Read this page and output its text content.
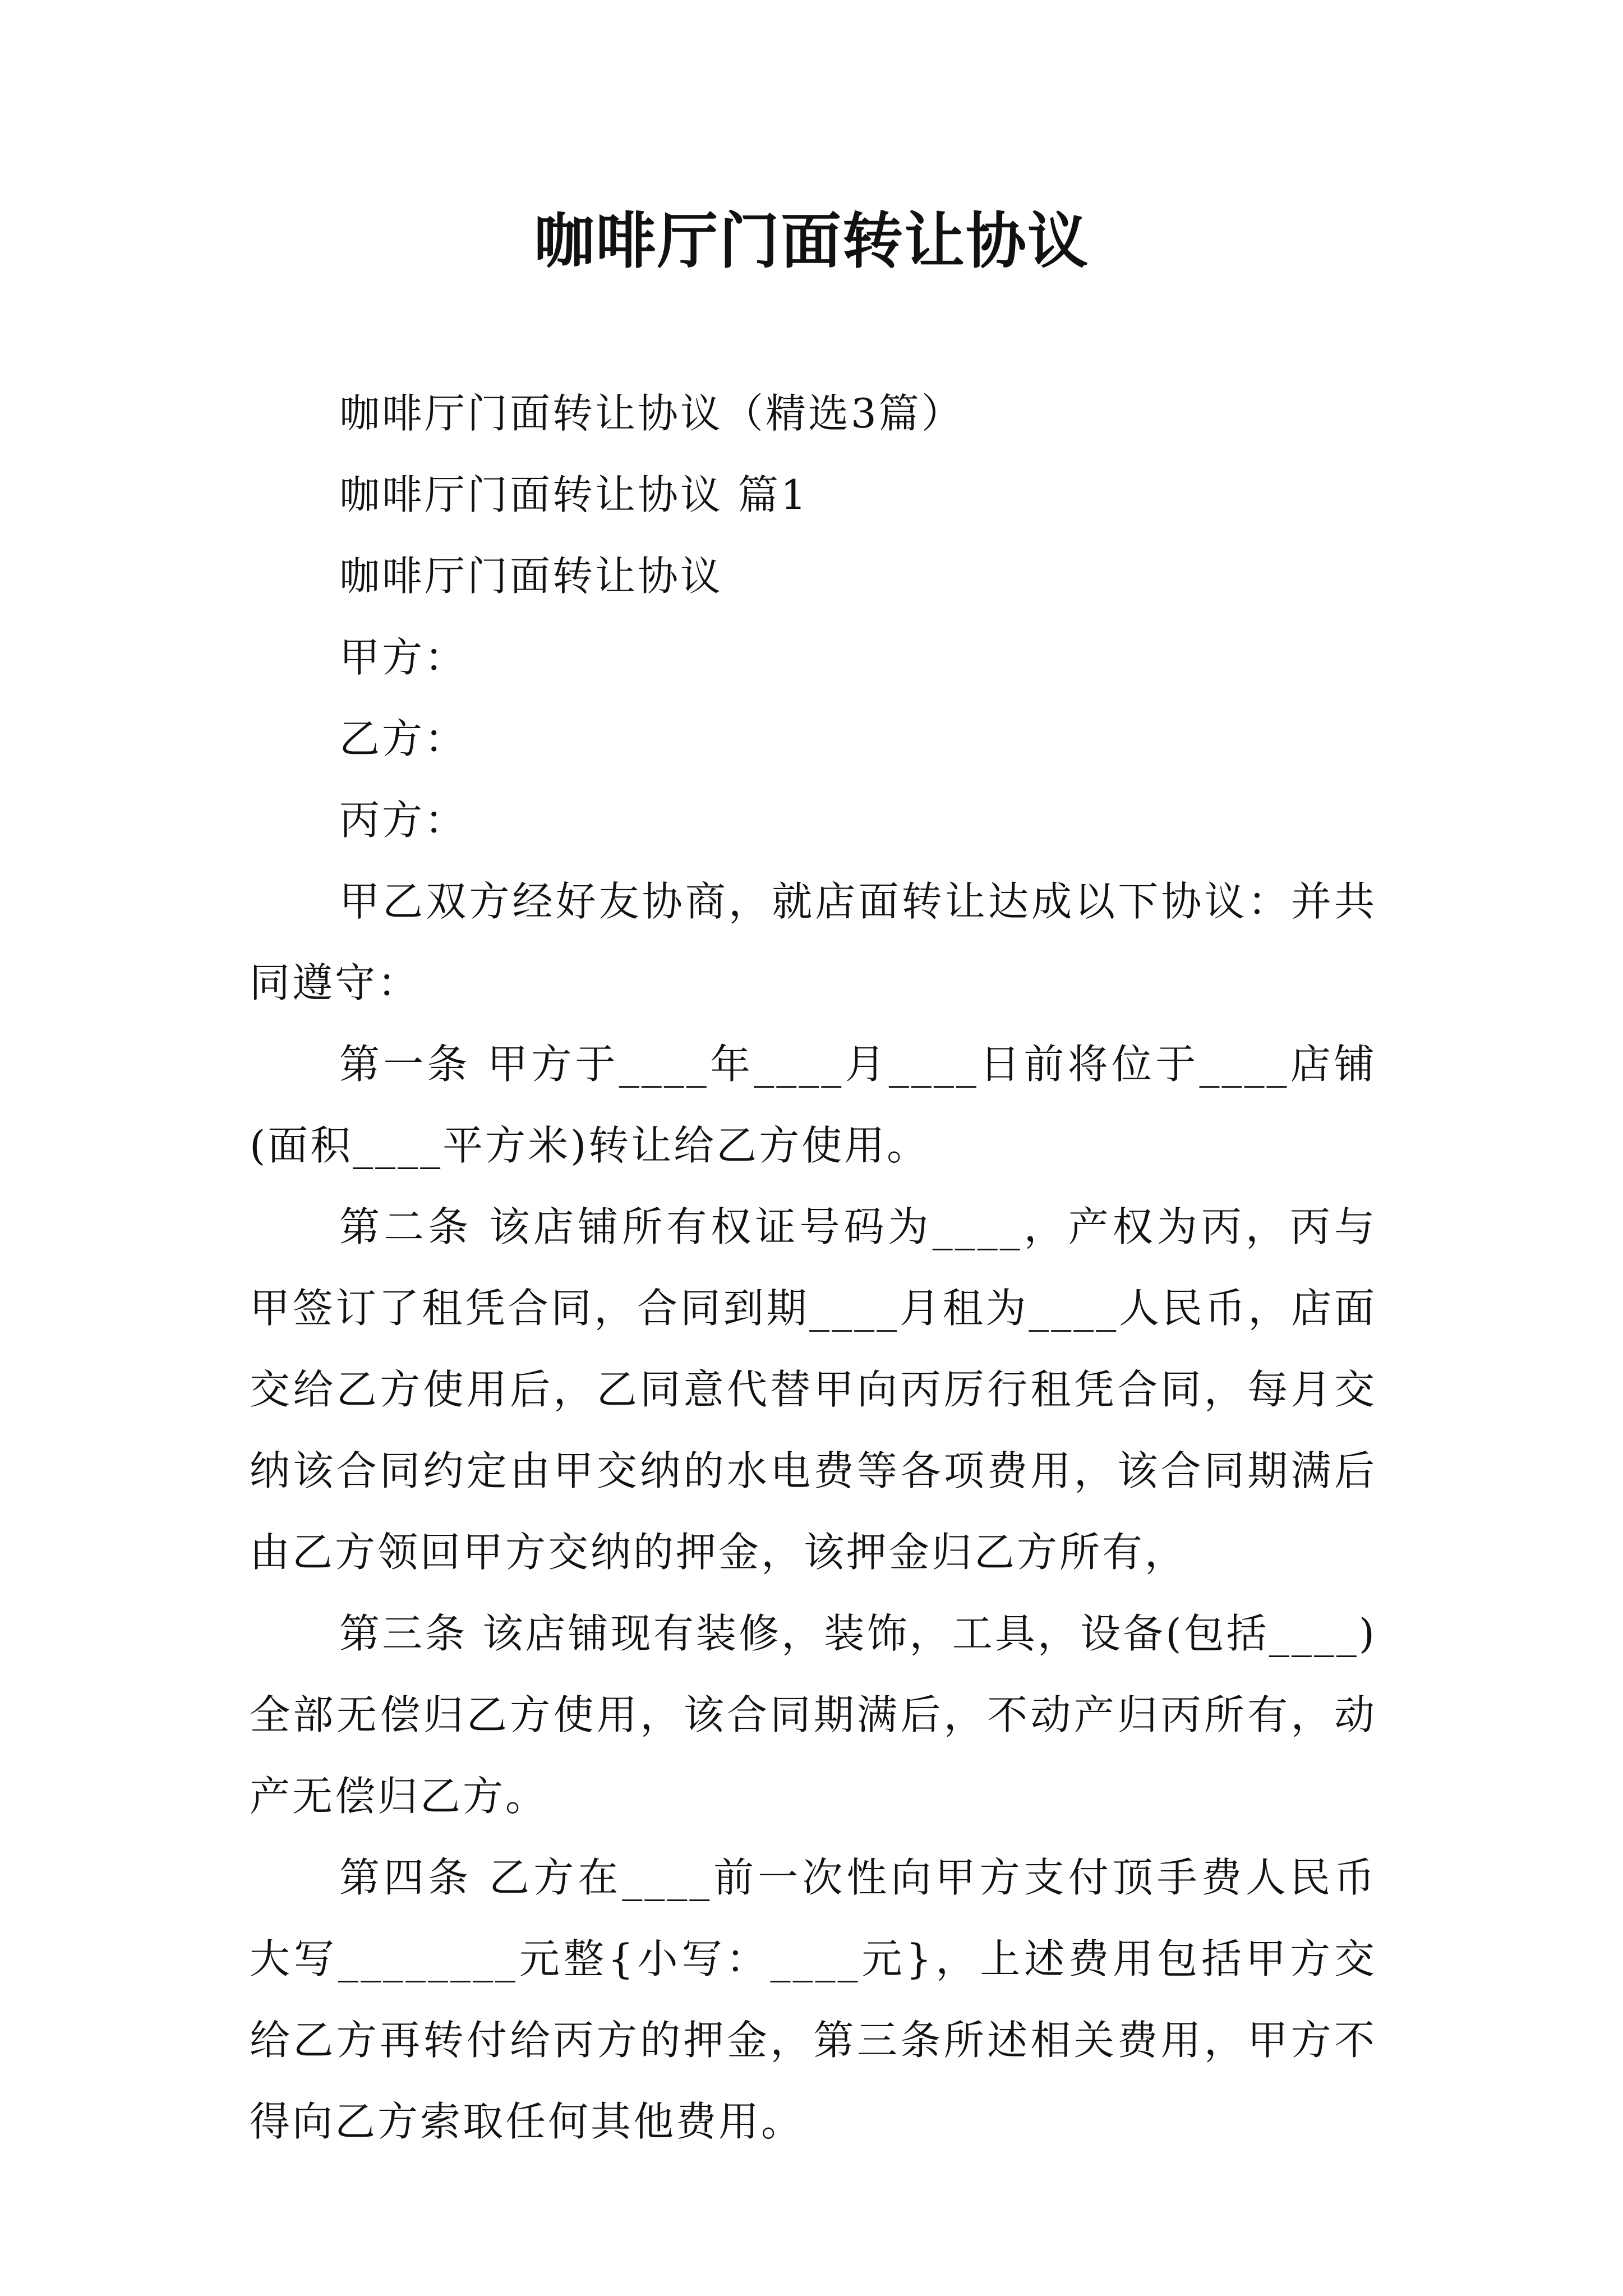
咖啡厅门面转让协议

咖啡厅门面转让协议（精选3篇）

咖啡厅门面转让协议 篇1

咖啡厅门面转让协议

甲方：

乙方：

丙方：

甲乙双方经好友协商，就店面转让达成以下协议：并共同遵守：

第一条 甲方于____年____月____日前将位于____店铺(面积____平方米)转让给乙方使用。

第二条 该店铺所有权证号码为____，产权为丙，丙与甲签订了租凭合同，合同到期____月租为____人民币，店面交给乙方使用后，乙同意代替甲向丙厉行租凭合同，每月交纳该合同约定由甲交纳的水电费等各项费用，该合同期满后由乙方领回甲方交纳的押金，该押金归乙方所有，

第三条 该店铺现有装修，装饰，工具，设备(包括____)全部无偿归乙方使用，该合同期满后，不动产归丙所有，动产无偿归乙方。

第四条 乙方在____前一次性向甲方支付顶手费人民币大写________元整{小写：____元}，上述费用包括甲方交给乙方再转付给丙方的押金，第三条所述相关费用，甲方不得向乙方索取任何其他费用。
